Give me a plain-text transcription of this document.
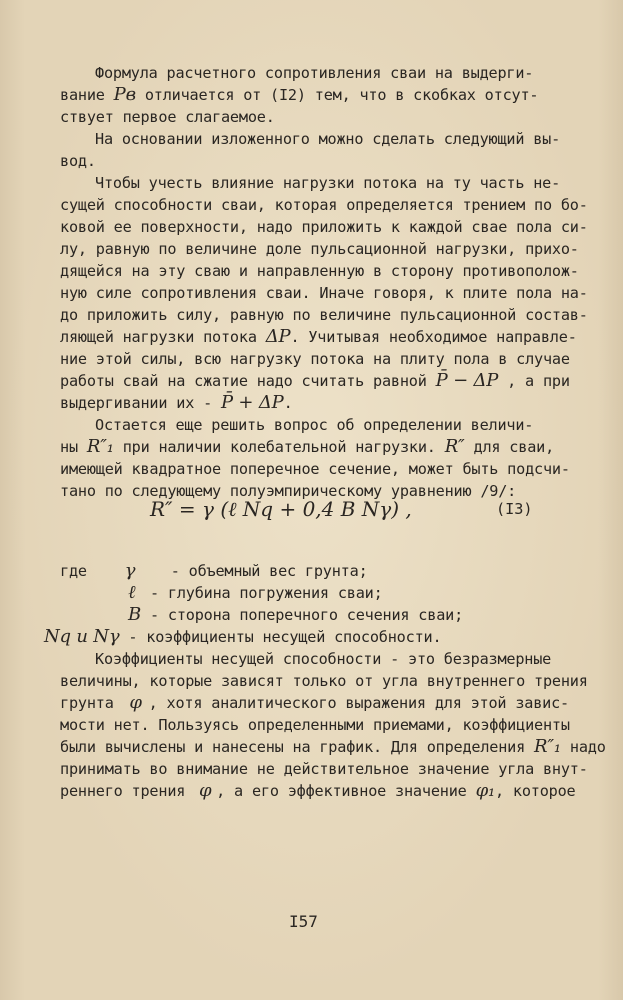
Формула расчетного сопротивления сваи на выдерги-
вание Pв отличается от (I2) тем, что в скобках отсут-
ствует первое слагаемое.
На основании изложенного можно сделать следующий вы-
вод.
Чтобы учесть влияние нагрузки потока на ту часть не-
сущей способности сваи, которая определяется трением по бо-
ковой ее поверхности, надо приложить к каждой свае пола си-
лу, равную по величине доле пульсационной нагрузки, прихо-
дящейся на эту сваю и направленную в сторону противополож-
ную силе сопротивления сваи. Иначе говоря, к плите пола на-
до приложить силу, равную по величине пульсационной состав-
ляющей нагрузки потока ΔP. Учитывая необходимое направле-
ние этой силы, всю нагрузку потока на плиту пола в случае
работы свай на сжатие надо считать равной P̄ − ΔP , а при
выдергивании их - P̄ + ΔP.
Остается еще решить вопрос об определении величи-
ны R″₁ при наличии колебательной нагрузки. R″ для сваи,
имеющей квадратное поперечное сечение, может быть подсчи-
тано по следующему полуэмпирическому уравнению /9/:
R″ = γ (ℓ Nq + 0,4 B Nγ) ,	(I3)
где γ - объемный вес грунта;
ℓ - глубина погружения сваи;
B - сторона поперечного сечения сваи;
Nq и Nγ - коэффициенты несущей способности.
Коэффициенты несущей способности - это безразмерные
величины, которые зависят только от угла внутреннего трения
грунта φ , хотя аналитического выражения для этой завис-
мости нет. Пользуясь определенными приемами, коэффициенты
были вычислены и нанесены на график. Для определения R″₁ надо
принимать во внимание не действительное значение угла внут-
реннего трения φ , а его эффективное значение φ₁, которое
I57
